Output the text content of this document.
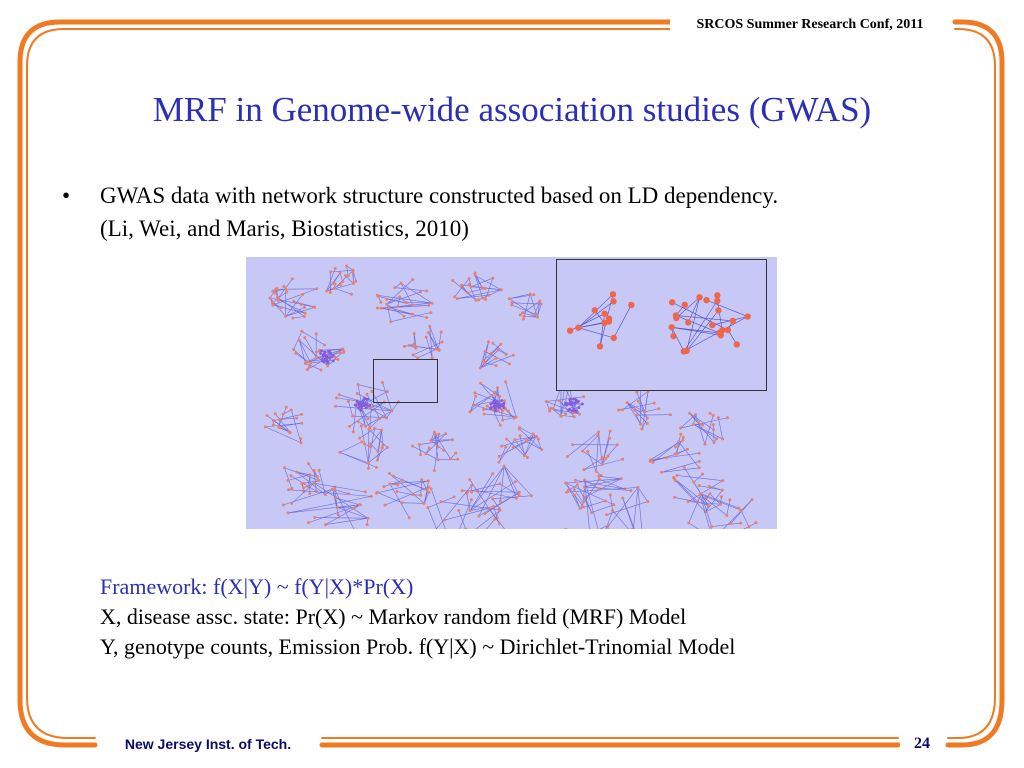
SRCOS Summer Research Conf, 2011
MRF in Genome-wide association studies (GWAS)
•	GWAS data with network structure constructed based on LD dependency.
(Li, Wei, and Maris, Biostatistics, 2010)
Framework: f(X|Y) ~ f(Y|X)*Pr(X)
X, disease assc. state: Pr(X) ~ Markov random field (MRF) Model
Y, genotype counts, Emission Prob. f(Y|X) ~ Dirichlet-Trinomial Model
New Jersey Inst. of Tech.	24
